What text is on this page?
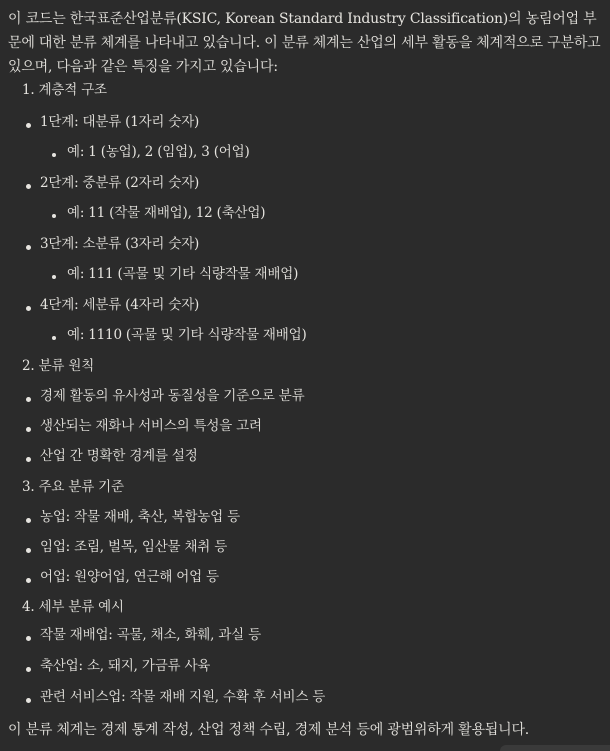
이 코드는 한국표준산업분류(KSIC, Korean Standard Industry Classification)의 농림어업 부문에 대한 분류 체계를 나타내고 있습니다. 이 분류 체계는 산업의 세부 활동을 체계적으로 구분하고 있으며, 다음과 같은 특징을 가지고 있습니다:

1. 계층적 구조
1단계: 대분류 (1자리 숫자)
예: 1 (농업), 2 (임업), 3 (어업)
2단계: 중분류 (2자리 숫자)
예: 11 (작물 재배업), 12 (축산업)
3단계: 소분류 (3자리 숫자)
예: 111 (곡물 및 기타 식량작물 재배업)
4단계: 세분류 (4자리 숫자)
예: 1110 (곡물 및 기타 식량작물 재배업)
2. 분류 원칙
경제 활동의 유사성과 동질성을 기준으로 분류
생산되는 재화나 서비스의 특성을 고려
산업 간 명확한 경계를 설정
3. 주요 분류 기준
농업: 작물 재배, 축산, 복합농업 등
임업: 조림, 벌목, 임산물 채취 등
어업: 원양어업, 연근해 어업 등
4. 세부 분류 예시
작물 재배업: 곡물, 채소, 화훼, 과실 등
축산업: 소, 돼지, 가금류 사육
관련 서비스업: 작물 재배 지원, 수확 후 서비스 등
이 분류 체계는 경제 통계 작성, 산업 정책 수립, 경제 분석 등에 광범위하게 활용됩니다.
